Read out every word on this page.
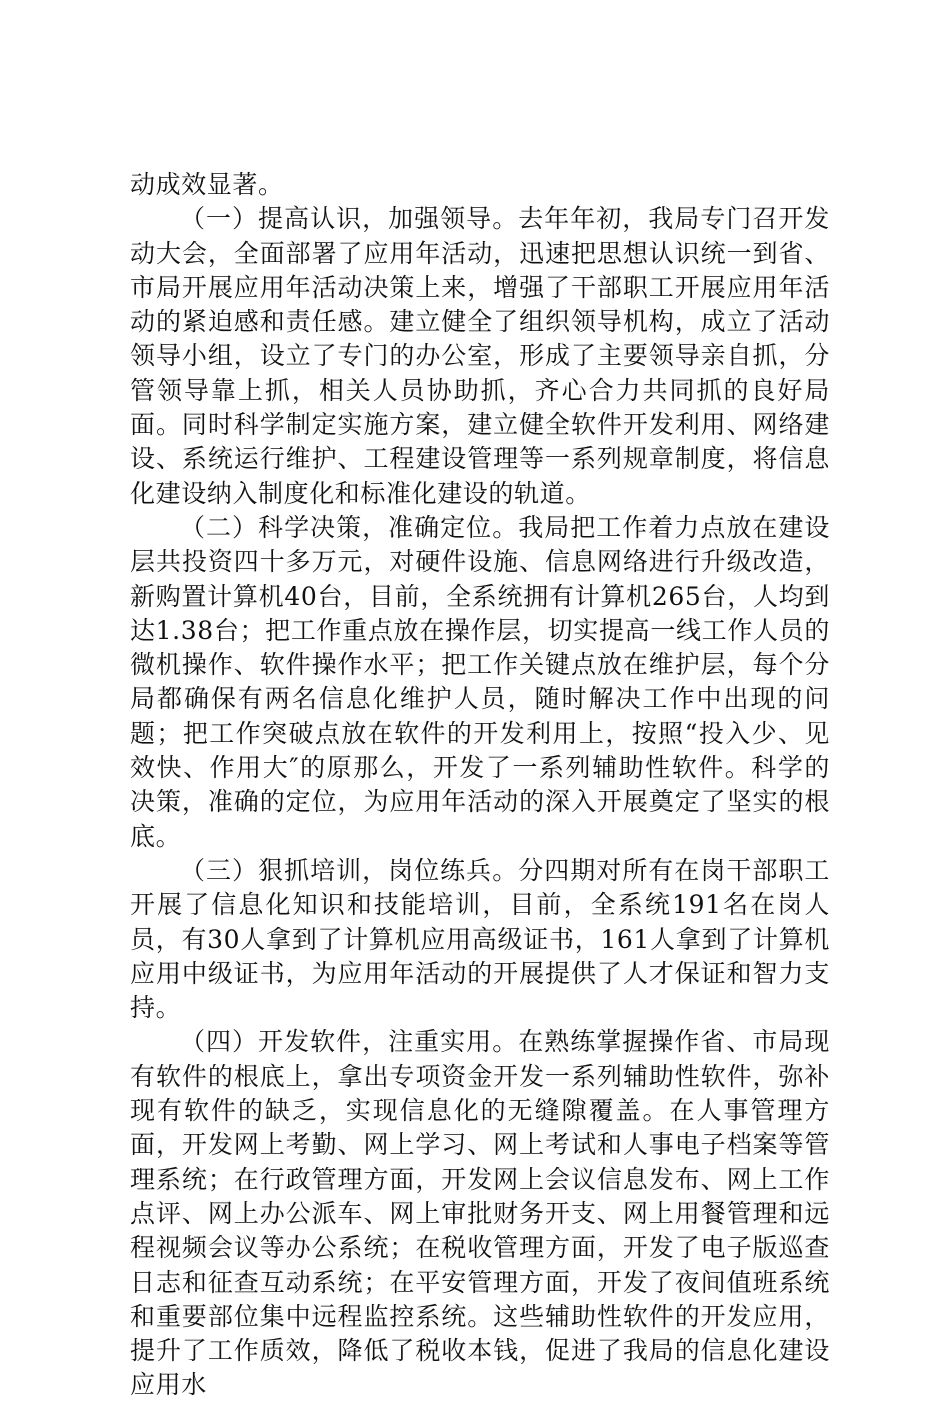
动成效显著。

（一）提高认识，加强领导。去年年初，我局专门召开发动大会，全面部署了应用年活动，迅速把思想认识统一到省、市局开展应用年活动决策上来，增强了干部职工开展应用年活动的紧迫感和责任感。建立健全了组织领导机构，成立了活动领导小组，设立了专门的办公室，形成了主要领导亲自抓，分管领导靠上抓，相关人员协助抓，齐心合力共同抓的良好局面。同时科学制定实施方案，建立健全软件开发利用、网络建设、系统运行维护、工程建设管理等一系列规章制度，将信息化建设纳入制度化和标准化建设的轨道。

（二）科学决策，准确定位。我局把工作着力点放在建设层共投资四十多万元，对硬件设施、信息网络进行升级改造，新购置计算机40台，目前，全系统拥有计算机265台，人均到达1.38台；把工作重点放在操作层，切实提高一线工作人员的微机操作、软件操作水平；把工作关键点放在维护层，每个分局都确保有两名信息化维护人员，随时解决工作中出现的问题；把工作突破点放在软件的开发利用上，按照“投入少、见效快、作用大″的原那么，开发了一系列辅助性软件。科学的决策，准确的定位，为应用年活动的深入开展奠定了坚实的根底。

（三）狠抓培训，岗位练兵。分四期对所有在岗干部职工开展了信息化知识和技能培训，目前，全系统191名在岗人员，有30人拿到了计算机应用高级证书，161人拿到了计算机应用中级证书，为应用年活动的开展提供了人才保证和智力支持。

（四）开发软件，注重实用。在熟练掌握操作省、市局现有软件的根底上，拿出专项资金开发一系列辅助性软件，弥补现有软件的缺乏，实现信息化的无缝隙覆盖。在人事管理方面，开发网上考勤、网上学习、网上考试和人事电子档案等管理系统；在行政管理方面，开发网上会议信息发布、网上工作点评、网上办公派车、网上审批财务开支、网上用餐管理和远程视频会议等办公系统；在税收管理方面，开发了电子版巡查日志和征查互动系统；在平安管理方面，开发了夜间值班系统和重要部位集中远程监控系统。这些辅助性软件的开发应用，提升了工作质效，降低了税收本钱，促进了我局的信息化建设应用水
